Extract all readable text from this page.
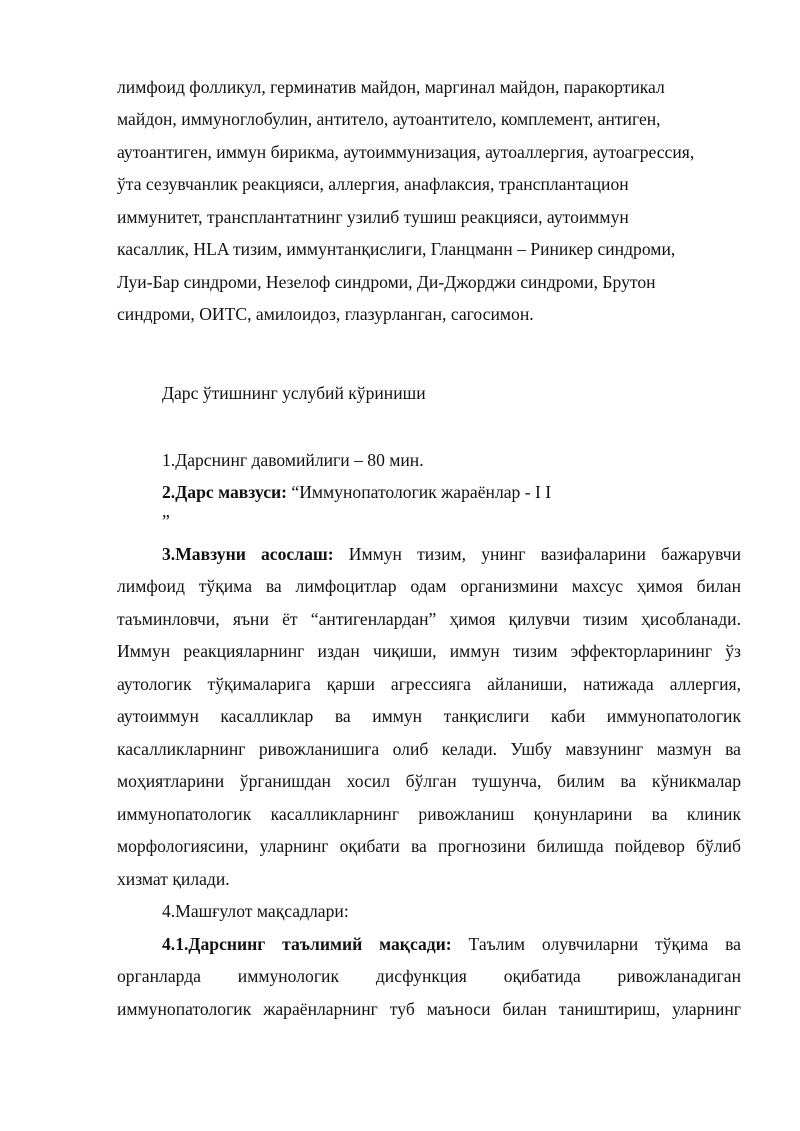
лимфоид фолликул, герминатив майдон, маргинал майдон, паракортикал
майдон, иммуноглобулин, антитело, аутоантитело, комплемент, антиген,
аутоантиген, иммун бирикма, аутоиммунизация, аутоаллергия, аутоагрессия,
ўта сезувчанлик реакцияси, аллергия, анафлаксия, трансплантацион
иммунитет, трансплантатнинг узилиб тушиш реакцияси, аутоиммун
касаллик, HLA тизим, иммунтанқислиги, Гланцманн – Риникер синдроми,
Луи-Бар синдроми, Незелоф синдроми, Ди-Джорджи синдроми, Брутон
синдроми, ОИТС, амилоидоз, глазурланган, сагосимон.
Дарс ўтишнинг услубий кўриниши
1.Дарснинг давомийлиги – 80 мин.
2.Дарс мавзуси: “Иммунопатологик жараёнлар - I I
”
3.Мавзуни асослаш: Иммун тизим, унинг вазифаларини бажарувчи
лимфоид тўқима ва лимфоцитлар одам организмини махсус ҳимоя билан
таъминловчи, яъни ёт “антигенлардан” ҳимоя қилувчи тизим ҳисобланади.
Иммун реакцияларнинг издан чиқиши, иммун тизим эффекторларининг ўз
аутологик тўқималарига қарши агрессияга айланиши, натижада аллергия,
аутоиммун касалликлар ва иммун танқислиги каби иммунопатологик
касалликларнинг ривожланишига олиб келади. Ушбу мавзунинг мазмун ва
моҳиятларини ўрганишдан хосил бўлган тушунча, билим ва кўникмалар
иммунопатологик касалликларнинг ривожланиш қонунларини ва клиник
морфологиясини, уларнинг оқибати ва прогнозини билишда пойдевор бўлиб
хизмат қилади.
4.Машғулот мақсадлари:
4.1.Дарснинг таълимий мақсади: Таълим олувчиларни тўқима ва
органларда иммунологик дисфункция оқибатида ривожланадиган
иммунопатологик жараёнларнинг туб маъноси билан таништириш, уларнинг
